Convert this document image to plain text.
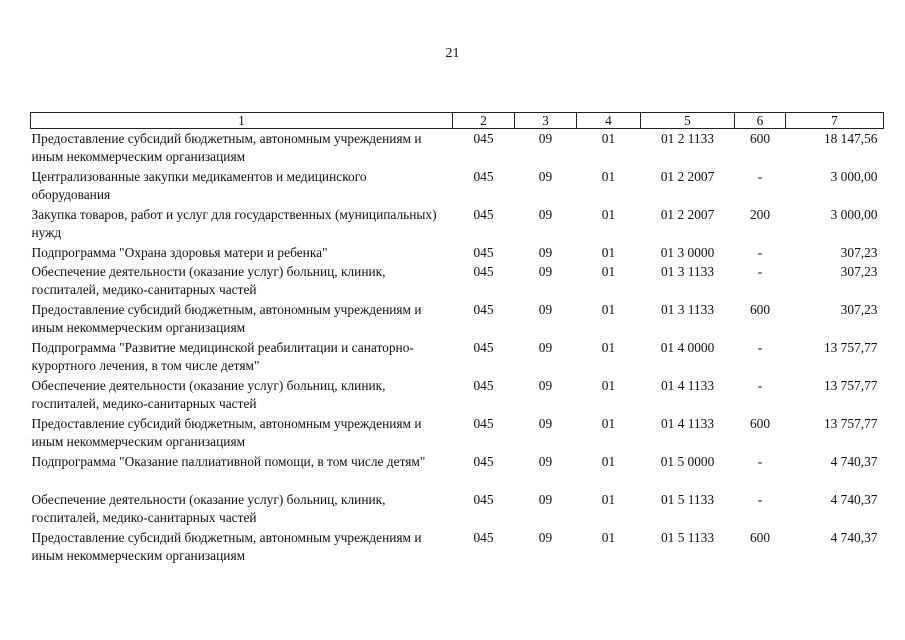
21
1	2	3	4	5	6	7
Предоставление субсидий бюджетным, автономным учреждениям и иным некоммерческим организациям	045	09	01	01 2 1133	600	18 147,56
Централизованные закупки медикаментов и медицинского оборудования	045	09	01	01 2 2007	-	3 000,00
Закупка товаров, работ и услуг для государственных (муниципальных) нужд	045	09	01	01 2 2007	200	3 000,00
Подпрограмма "Охрана здоровья матери и ребенка"	045	09	01	01 3 0000	-	307,23
Обеспечение деятельности (оказание услуг) больниц, клиник, госпиталей, медико-санитарных частей	045	09	01	01 3 1133	-	307,23
Предоставление субсидий бюджетным, автономным учреждениям и иным некоммерческим организациям	045	09	01	01 3 1133	600	307,23
Подпрограмма "Развитие медицинской реабилитации и санаторно-курортного лечения, в том числе детям"	045	09	01	01 4 0000	-	13 757,77
Обеспечение деятельности (оказание услуг) больниц, клиник, госпиталей, медико-санитарных частей	045	09	01	01 4 1133	-	13 757,77
Предоставление субсидий бюджетным, автономным учреждениям и иным некоммерческим организациям	045	09	01	01 4 1133	600	13 757,77
Подпрограмма "Оказание паллиативной помощи, в том числе детям"	045	09	01	01 5 0000	-	4 740,37
Обеспечение деятельности (оказание услуг) больниц, клиник, госпиталей, медико-санитарных частей	045	09	01	01 5 1133	-	4 740,37
Предоставление субсидий бюджетным, автономным учреждениям и иным некоммерческим организациям	045	09	01	01 5 1133	600	4 740,37
